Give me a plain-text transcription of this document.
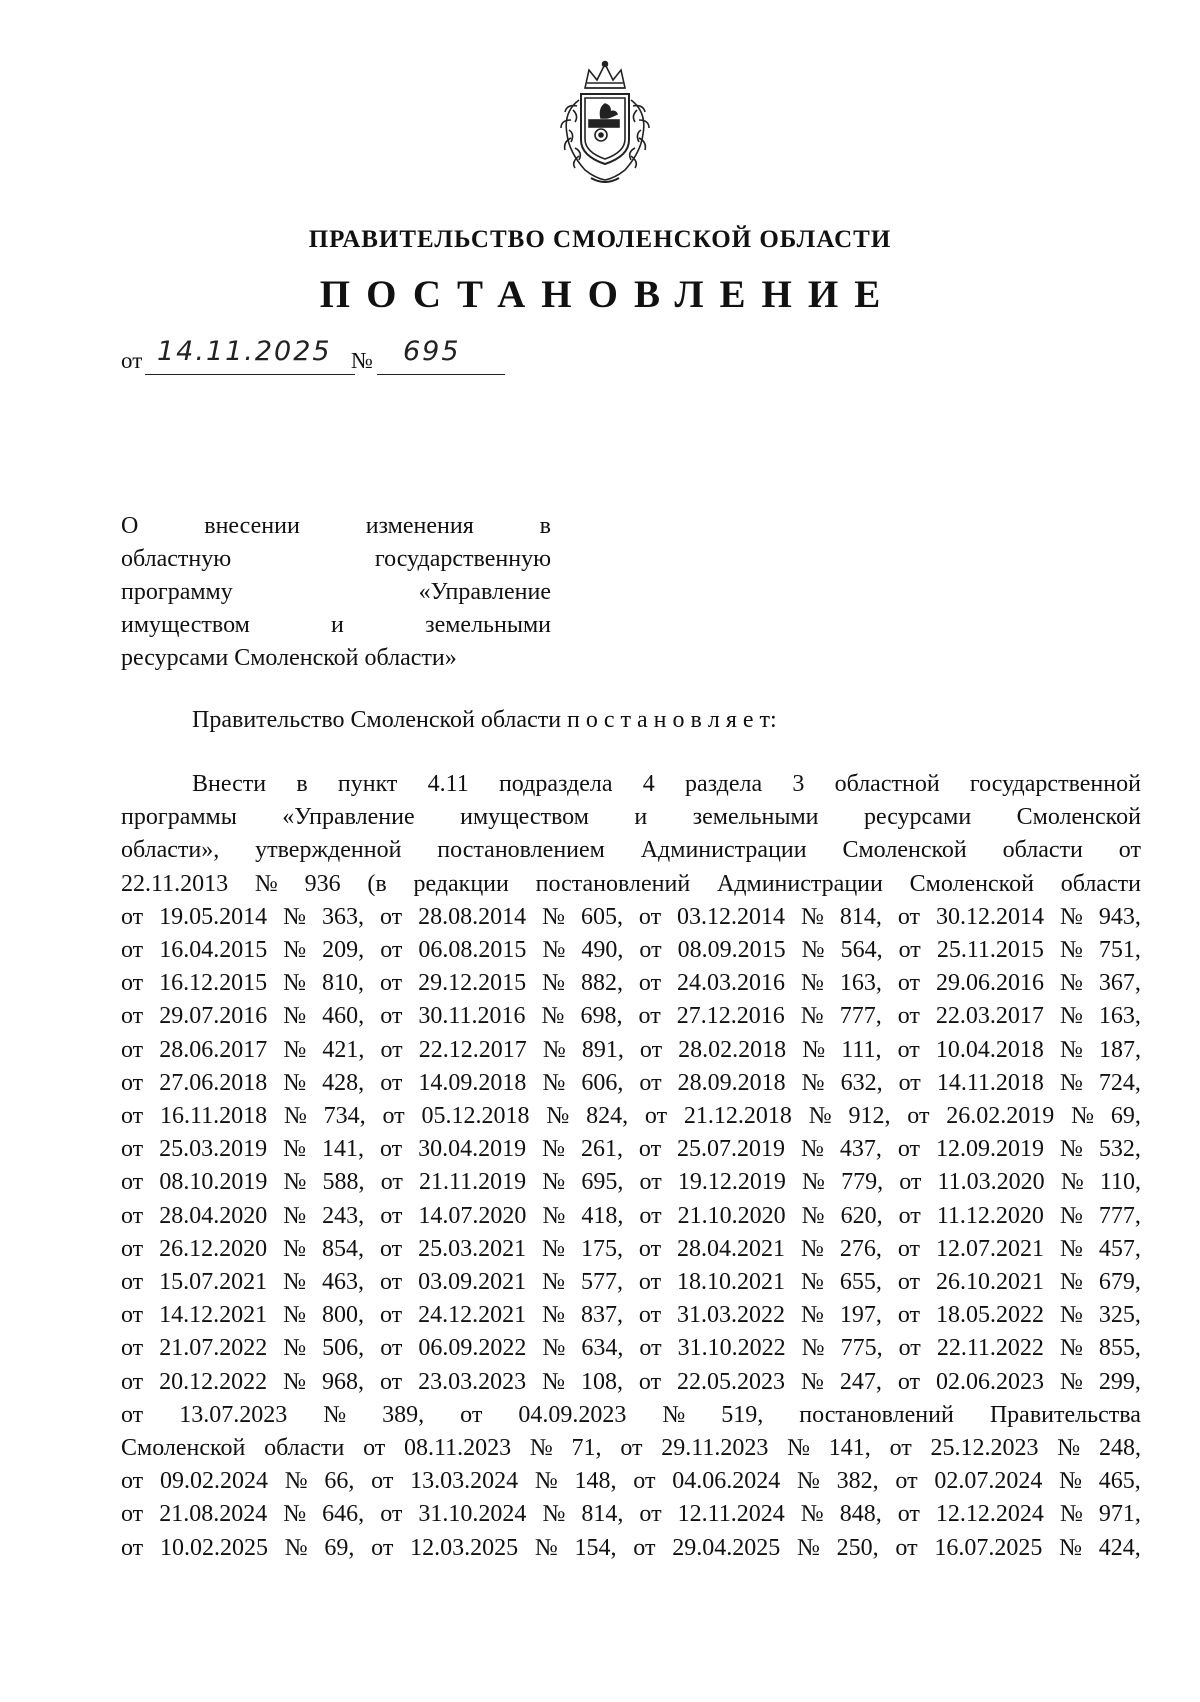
ПРАВИТЕЛЬСТВО СМОЛЕНСКОЙ ОБЛАСТИ
ПОСТАНОВЛЕНИЕ
от 14.11.2025 № 695
О	внесении	изменения	в
областную	государственную
программу	«Управление
имуществом	и	земельными
ресурсами Смоленской области»
Правительство Смоленской области п о с т а н о в л я е т:
Внести в пункт 4.11 подраздела 4 раздела 3 областной государственной
программы «Управление имуществом и земельными ресурсами Смоленской
области», утвержденной постановлением Администрации Смоленской области от
22.11.2013 № 936 (в редакции постановлений Администрации Смоленской области
от 19.05.2014 № 363, от 28.08.2014 № 605, от 03.12.2014 № 814, от 30.12.2014 № 943,
от 16.04.2015 № 209, от 06.08.2015 № 490, от 08.09.2015 № 564, от 25.11.2015 № 751,
от 16.12.2015 № 810, от 29.12.2015 № 882, от 24.03.2016 № 163, от 29.06.2016 № 367,
от 29.07.2016 № 460, от 30.11.2016 № 698, от 27.12.2016 № 777, от 22.03.2017 № 163,
от 28.06.2017 № 421, от 22.12.2017 № 891, от 28.02.2018 № 111, от 10.04.2018 № 187,
от 27.06.2018 № 428, от 14.09.2018 № 606, от 28.09.2018 № 632, от 14.11.2018 № 724,
от 16.11.2018 № 734, от 05.12.2018 № 824, от 21.12.2018 № 912, от 26.02.2019 № 69,
от 25.03.2019 № 141, от 30.04.2019 № 261, от 25.07.2019 № 437, от 12.09.2019 № 532,
от 08.10.2019 № 588, от 21.11.2019 № 695, от 19.12.2019 № 779, от 11.03.2020 № 110,
от 28.04.2020 № 243, от 14.07.2020 № 418, от 21.10.2020 № 620, от 11.12.2020 № 777,
от 26.12.2020 № 854, от 25.03.2021 № 175, от 28.04.2021 № 276, от 12.07.2021 № 457,
от 15.07.2021 № 463, от 03.09.2021 № 577, от 18.10.2021 № 655, от 26.10.2021 № 679,
от 14.12.2021 № 800, от 24.12.2021 № 837, от 31.03.2022 № 197, от 18.05.2022 № 325,
от 21.07.2022 № 506, от 06.09.2022 № 634, от 31.10.2022 № 775, от 22.11.2022 № 855,
от 20.12.2022 № 968, от 23.03.2023 № 108, от 22.05.2023 № 247, от 02.06.2023 № 299,
от 13.07.2023 № 389, от 04.09.2023 № 519, постановлений Правительства
Смоленской области от 08.11.2023 № 71, от 29.11.2023 № 141, от 25.12.2023 № 248,
от 09.02.2024 № 66, от 13.03.2024 № 148, от 04.06.2024 № 382, от 02.07.2024 № 465,
от 21.08.2024 № 646, от 31.10.2024 № 814, от 12.11.2024 № 848, от 12.12.2024 № 971,
от 10.02.2025 № 69, от 12.03.2025 № 154, от 29.04.2025 № 250, от 16.07.2025 № 424,
